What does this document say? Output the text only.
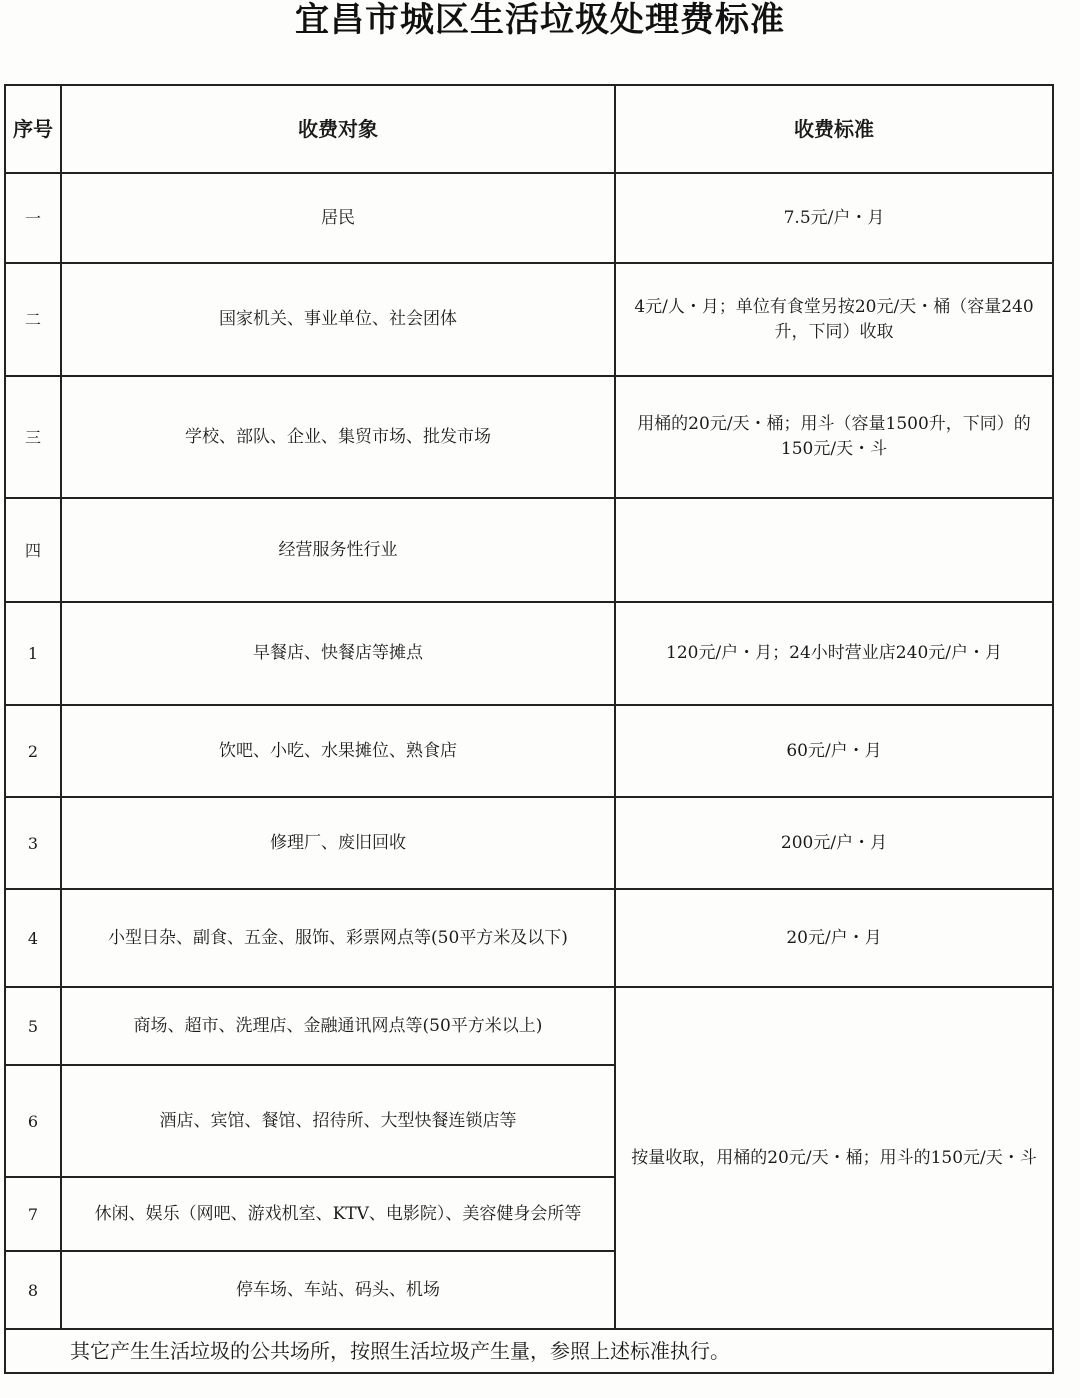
宜昌市城区生活垃圾处理费标准
序号	收费对象	收费标准
一	居民	7.5元/户・月
二	国家机关、事业单位、社会团体	4元/人・月；单位有食堂另按20元/天・桶（容量240升，下同）收取
三	学校、部队、企业、集贸市场、批发市场	用桶的20元/天・桶；用斗（容量1500升，下同）的150元/天・斗
四	经营服务性行业	
1	早餐店、快餐店等摊点	120元/户・月；24小时营业店240元/户・月
2	饮吧、小吃、水果摊位、熟食店	60元/户・月
3	修理厂、废旧回收	200元/户・月
4	小型日杂、副食、五金、服饰、彩票网点等(50平方米及以下)	20元/户・月
5	商场、超市、洗理店、金融通讯网点等(50平方米以上)	按量收取，用桶的20元/天・桶；用斗的150元/天・斗
6	酒店、宾馆、餐馆、招待所、大型快餐连锁店等	
7	休闲、娱乐（网吧、游戏机室、KTV、电影院）、美容健身会所等	
8	停车场、车站、码头、机场	
其它产生生活垃圾的公共场所，按照生活垃圾产生量，参照上述标准执行。		
